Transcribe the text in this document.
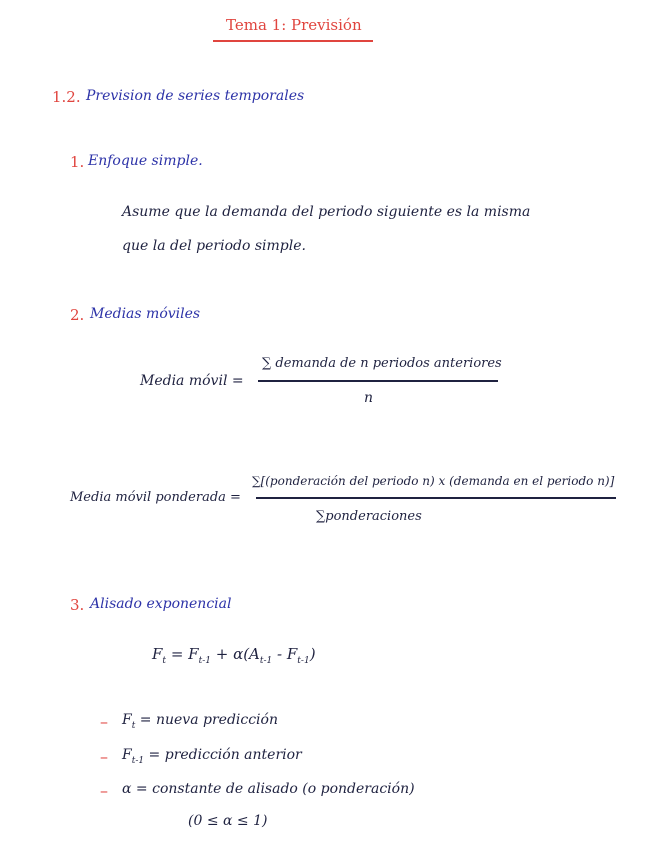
Tema 1: Previsión
1.2. Prevision de series temporales
1. Enfoque simple.
Asume que la demanda del periodo siguiente es la misma
que la del periodo simple.
2. Medias móviles
Media móvil =
∑ demanda de n periodos anteriores
n
Media móvil ponderada =
∑[(ponderación del periodo n) x (demanda en el periodo n)]
∑ponderaciones
3. Alisado exponencial
$F_t = F_{t-1} + \alpha(A_{t-1} - F_{t-1})$
– $F_t$ = nueva predicción
– $F_{t-1}$ = predicción anterior
– α = constante de alisado (o ponderación)
(0 ≤ α ≤ 1)
